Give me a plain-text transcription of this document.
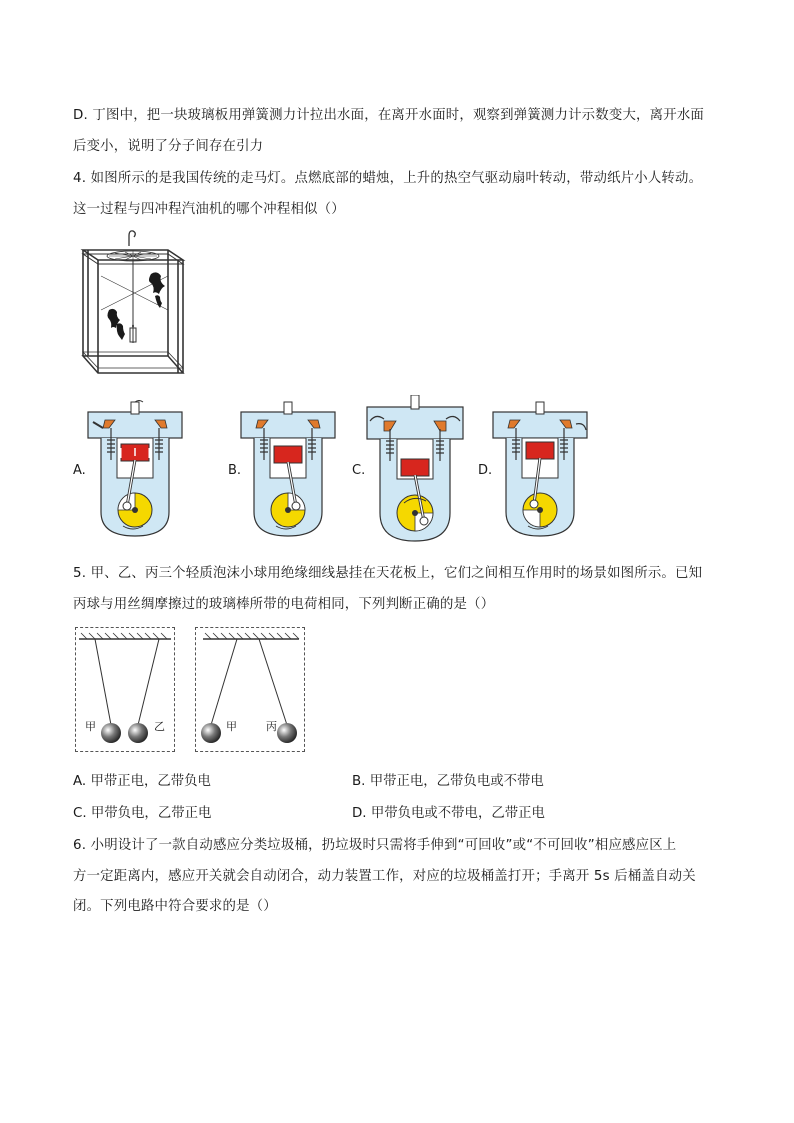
D. 丁图中，把一块玻璃板用弹簧测力计拉出水面，在离开水面时，观察到弹簧测力计示数变大，离开水面
后变小，说明了分子间存在引力
4. 如图所示的是我国传统的走马灯。点燃底部的蜡烛，上升的热空气驱动扇叶转动，带动纸片小人转动。
这一过程与四冲程汽油机的哪个冲程相似（）
A.	B.	C.	D.
5. 甲、乙、丙三个轻质泡沫小球用绝缘细线悬挂在天花板上，它们之间相互作用时的场景如图所示。已知
丙球与用丝绸摩擦过的玻璃棒所带的电荷相同，下列判断正确的是（）
甲	乙	甲	丙
A. 甲带正电，乙带负电	B. 甲带正电，乙带负电或不带电
C. 甲带负电，乙带正电	D. 甲带负电或不带电，乙带正电
6. 小明设计了一款自动感应分类垃圾桶，扔垃圾时只需将手伸到“可回收”或“不可回收”相应感应区上
方一定距离内，感应开关就会自动闭合，动力装置工作，对应的垃圾桶盖打开；手离开 5s 后桶盖自动关
闭。下列电路中符合要求的是（）
